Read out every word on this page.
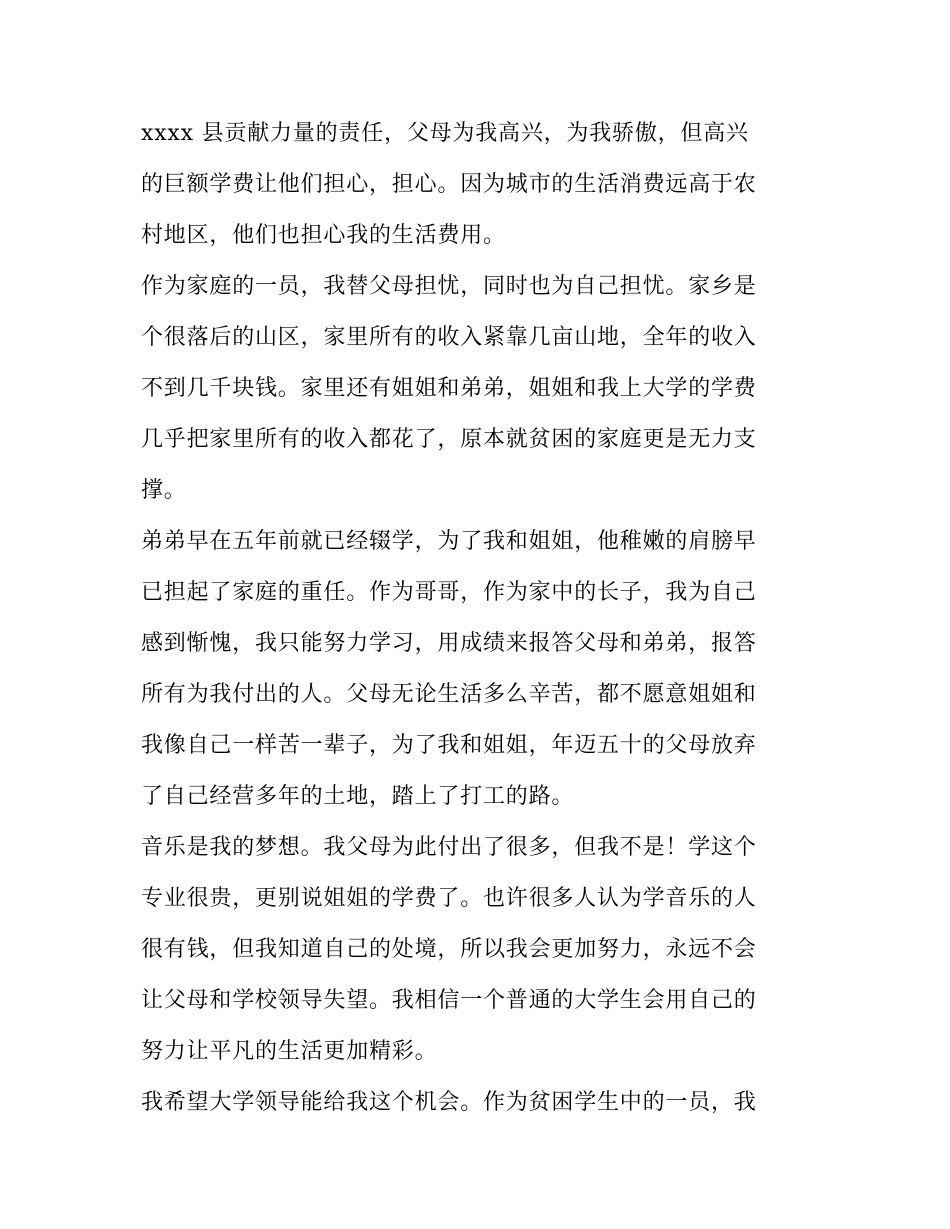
xxxx 县贡献力量的责任，父母为我高兴，为我骄傲，但高兴
的巨额学费让他们担心，担心。因为城市的生活消费远高于农
村地区，他们也担心我的生活费用。
作为家庭的一员，我替父母担忧，同时也为自己担忧。家乡是
个很落后的山区，家里所有的收入紧靠几亩山地，全年的收入
不到几千块钱。家里还有姐姐和弟弟，姐姐和我上大学的学费
几乎把家里所有的收入都花了，原本就贫困的家庭更是无力支
撑。
弟弟早在五年前就已经辍学，为了我和姐姐，他稚嫩的肩膀早
已担起了家庭的重任。作为哥哥，作为家中的长子，我为自己
感到惭愧，我只能努力学习，用成绩来报答父母和弟弟，报答
所有为我付出的人。父母无论生活多么辛苦，都不愿意姐姐和
我像自己一样苦一辈子，为了我和姐姐，年迈五十的父母放弃
了自己经营多年的土地，踏上了打工的路。
音乐是我的梦想。我父母为此付出了很多，但我不是！学这个
专业很贵，更别说姐姐的学费了。也许很多人认为学音乐的人
很有钱，但我知道自己的处境，所以我会更加努力，永远不会
让父母和学校领导失望。我相信一个普通的大学生会用自己的
努力让平凡的生活更加精彩。
我希望大学领导能给我这个机会。作为贫困学生中的一员，我
